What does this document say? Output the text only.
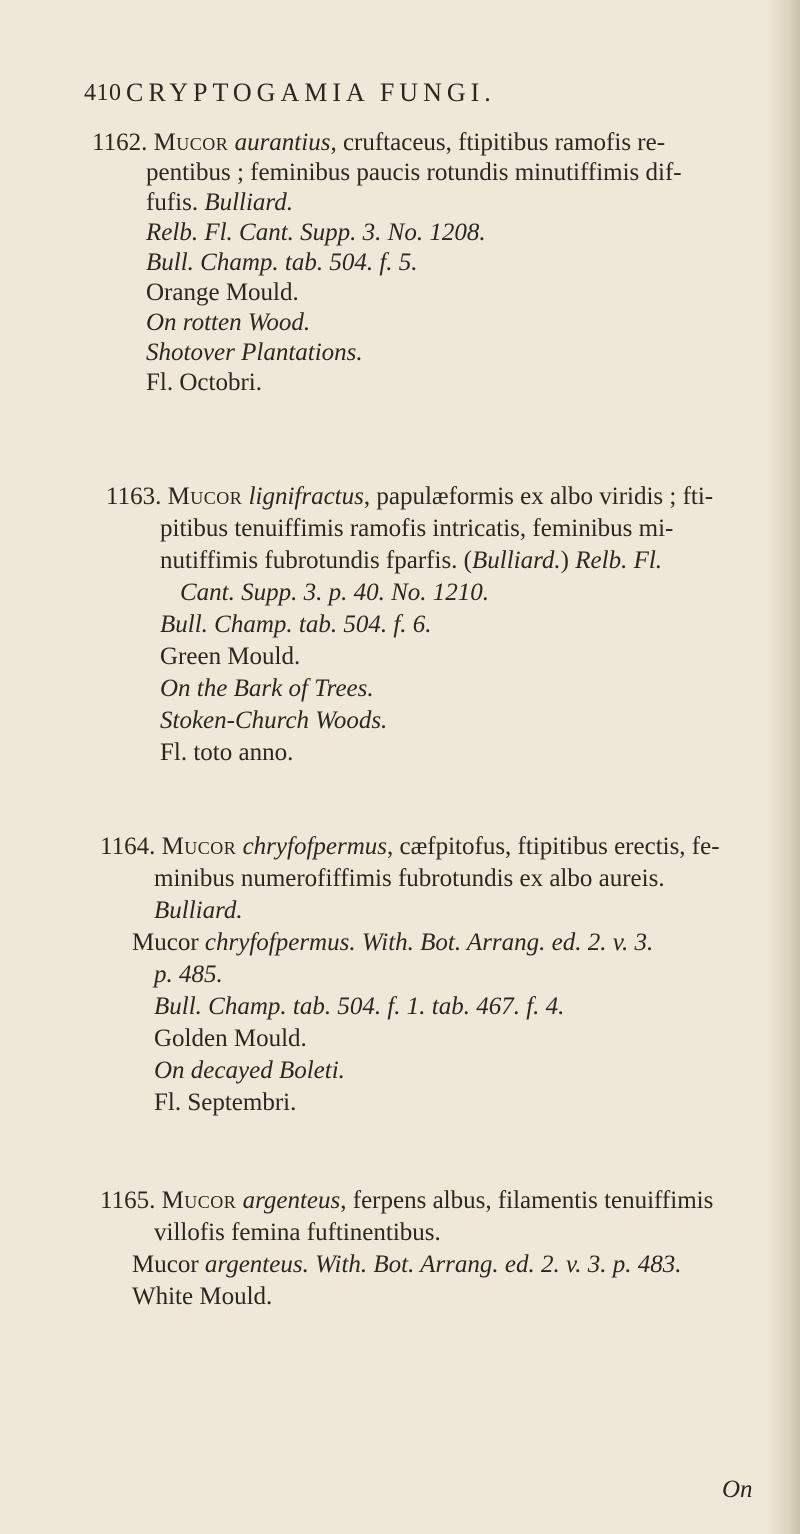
410 CRYPTOGAMIA FUNGI.
1162. Mucor aurantius, cruftaceus, ftipitibus ramofis re-
pentibus ; feminibus paucis rotundis minutiffimis dif-
fufis. Bulliard.
Relb. Fl. Cant. Supp. 3. No. 1208.
Bull. Champ. tab. 504. f. 5.
Orange Mould.
On rotten Wood.
Shotover Plantations.
Fl. Octobri.
1163. Mucor lignifractus, papulæformis ex albo viridis ; fti-
pitibus tenuiffimis ramofis intricatis, feminibus mi-
nutiffimis fubrotundis fparfis. (Bulliard.) Relb. Fl.
Cant. Supp. 3. p. 40. No. 1210.
Bull. Champ. tab. 504. f. 6.
Green Mould.
On the Bark of Trees.
Stoken-Church Woods.
Fl. toto anno.
1164. Mucor chryfofpermus, cæfpitofus, ftipitibus erectis, fe-
minibus numerofiffimis fubrotundis ex albo aureis.
Bulliard.
Mucor chryfofpermus. With. Bot. Arrang. ed. 2. v. 3.
p. 485.
Bull. Champ. tab. 504. f. 1. tab. 467. f. 4.
Golden Mould.
On decayed Boleti.
Fl. Septembri.
1165. Mucor argenteus, ferpens albus, filamentis tenuiffimis
villofis femina fuftinentibus.
Mucor argenteus. With. Bot. Arrang. ed. 2. v. 3. p. 483.
White Mould.
On
